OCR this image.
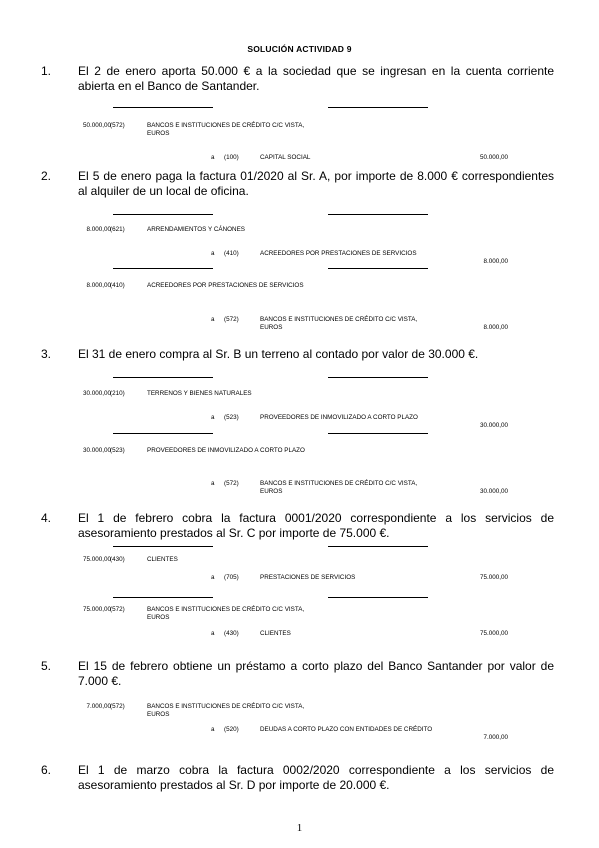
SOLUCIÓN ACTIVIDAD 9
1. El 2 de enero aporta 50.000 € a la sociedad que se ingresan en la cuenta corriente abierta en el Banco de Santander.
50.000,00 (572)	BANCOS E INSTITUCIONES DE CRÉDITO C/C VISTA, EUROS
a (100)	CAPITAL SOCIAL	50.000,00
2. El 5 de enero paga la factura 01/2020 al Sr. A, por importe de 8.000 € correspondientes al alquiler de un local de oficina.
8.000,00 (621)	ARRENDAMIENTOS Y CÁNONES
a (410)	ACREEDORES POR PRESTACIONES DE SERVICIOS
8.000,00
8.000,00 (410)	ACREEDORES POR PRESTACIONES DE SERVICIOS
a (572)	BANCOS E INSTITUCIONES DE CRÉDITO C/C VISTA, EUROS	8.000,00
3. El 31 de enero compra al Sr. B un terreno al contado por valor de 30.000 €.
30.000,00 (210)	TERRENOS Y BIENES NATURALES
a (523)	PROVEEDORES DE INMOVILIZADO A CORTO PLAZO
30.000,00
30.000,00 (523)	PROVEEDORES DE INMOVILIZADO A CORTO PLAZO
a (572)	BANCOS E INSTITUCIONES DE CRÉDITO C/C VISTA, EUROS	30.000,00
4. El 1 de febrero cobra la factura 0001/2020 correspondiente a los servicios de asesoramiento prestados al Sr. C por importe de 75.000 €.
75.000,00 (430)	CLIENTES
a (705)	PRESTACIONES DE SERVICIOS	75.000,00
75.000,00 (572)	BANCOS E INSTITUCIONES DE CRÉDITO C/C VISTA, EUROS
a (430)	CLIENTES	75.000,00
5. El 15 de febrero obtiene un préstamo a corto plazo del Banco Santander por valor de 7.000 €.
7.000,00 (572)	BANCOS E INSTITUCIONES DE CRÉDITO C/C VISTA, EUROS
a (520)	DEUDAS A CORTO PLAZO CON ENTIDADES DE CRÉDITO
7.000,00
6. El 1 de marzo cobra la factura 0002/2020 correspondiente a los servicios de asesoramiento prestados al Sr. D por importe de 20.000 €.
1
